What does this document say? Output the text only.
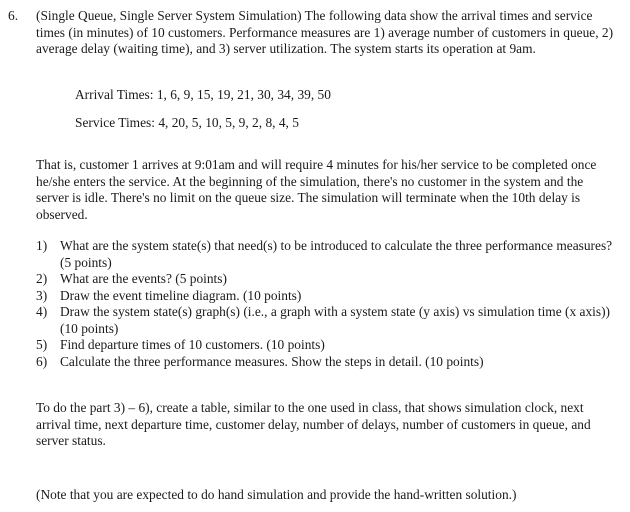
6. (Single Queue, Single Server System Simulation) The following data show the arrival times and service times (in minutes) of 10 customers. Performance measures are 1) average number of customers in queue, 2) average delay (waiting time), and 3) server utilization. The system starts its operation at 9am.
Arrival Times: 1, 6, 9, 15, 19, 21, 30, 34, 39, 50
Service Times: 4, 20, 5, 10, 5, 9, 2, 8, 4, 5
That is, customer 1 arrives at 9:01am and will require 4 minutes for his/her service to be completed once he/she enters the service. At the beginning of the simulation, there's no customer in the system and the server is idle. There's no limit on the queue size. The simulation will terminate when the 10th delay is observed.
1) What are the system state(s) that need(s) to be introduced to calculate the three performance measures? (5 points)
2) What are the events? (5 points)
3) Draw the event timeline diagram. (10 points)
4) Draw the system state(s) graph(s) (i.e., a graph with a system state (y axis) vs simulation time (x axis)) (10 points)
5) Find departure times of 10 customers. (10 points)
6) Calculate the three performance measures. Show the steps in detail. (10 points)
To do the part 3) – 6), create a table, similar to the one used in class, that shows simulation clock, next arrival time, next departure time, customer delay, number of delays, number of customers in queue, and server status.
(Note that you are expected to do hand simulation and provide the hand-written solution.)
